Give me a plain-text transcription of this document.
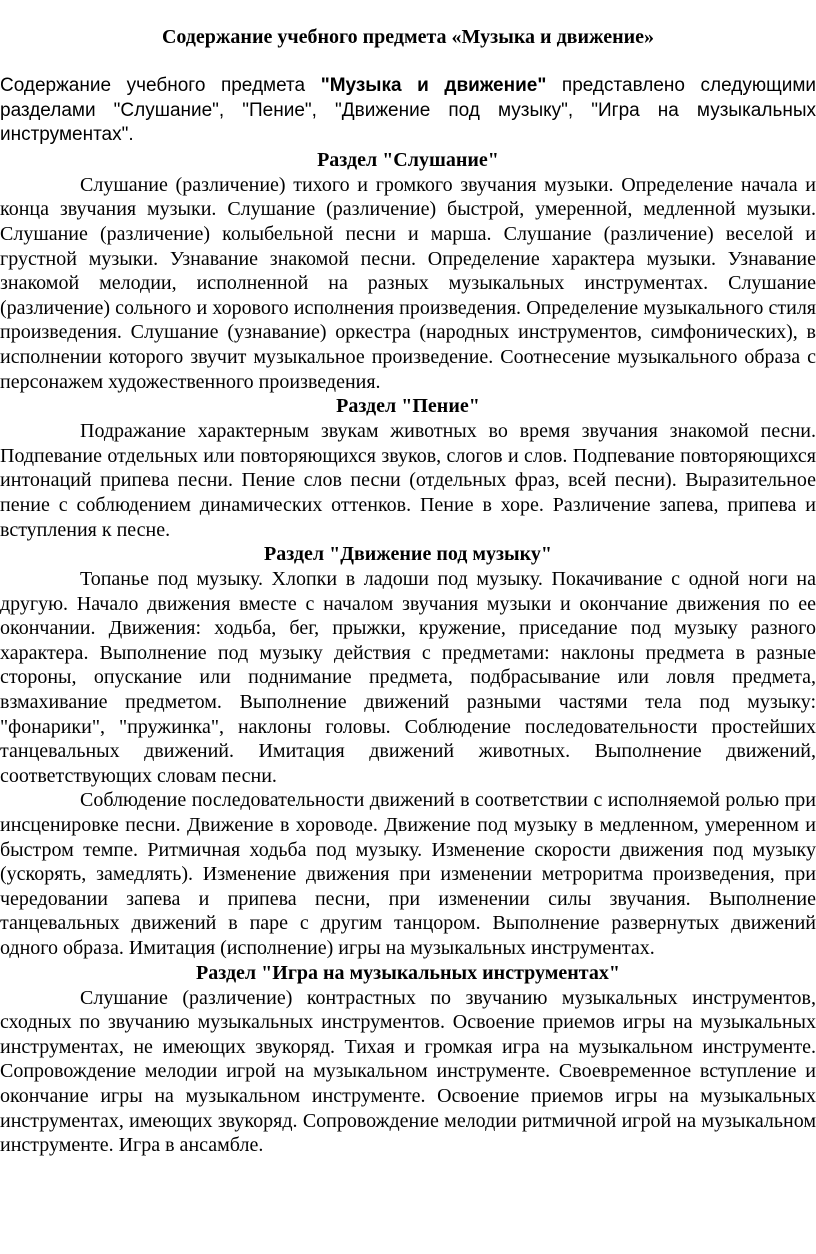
Содержание учебного предмета «Музыка и движение»

Содержание учебного предмета "Музыка и движение" представлено следующими разделами "Слушание", "Пение", "Движение под музыку", "Игра на музыкальных инструментах".

Раздел "Слушание"

Слушание (различение) тихого и громкого звучания музыки. Определение начала и конца звучания музыки. Слушание (различение) быстрой, умеренной, медленной музыки. Слушание (различение) колыбельной песни и марша. Слушание (различение) веселой и грустной музыки. Узнавание знакомой песни. Определение характера музыки. Узнавание знакомой мелодии, исполненной на разных музыкальных инструментах. Слушание (различение) сольного и хорового исполнения произведения. Определение музыкального стиля произведения. Слушание (узнавание) оркестра (народных инструментов, симфонических), в исполнении которого звучит музыкальное произведение. Соотнесение музыкального образа с персонажем художественного произведения.

Раздел "Пение"

Подражание характерным звукам животных во время звучания знакомой песни. Подпевание отдельных или повторяющихся звуков, слогов и слов. Подпевание повторяющихся интонаций припева песни. Пение слов песни (отдельных фраз, всей песни). Выразительное пение с соблюдением динамических оттенков. Пение в хоре. Различение запева, припева и вступления к песне.

Раздел "Движение под музыку"

Топанье под музыку. Хлопки в ладоши под музыку. Покачивание с одной ноги на другую. Начало движения вместе с началом звучания музыки и окончание движения по ее окончании. Движения: ходьба, бег, прыжки, кружение, приседание под музыку разного характера. Выполнение под музыку действия с предметами: наклоны предмета в разные стороны, опускание или поднимание предмета, подбрасывание или ловля предмета, взмахивание предметом. Выполнение движений разными частями тела под музыку: "фонарики", "пружинка", наклоны головы. Соблюдение последовательности простейших танцевальных движений. Имитация движений животных. Выполнение движений, соответствующих словам песни.

Соблюдение последовательности движений в соответствии с исполняемой ролью при инсценировке песни. Движение в хороводе. Движение под музыку в медленном, умеренном и быстром темпе. Ритмичная ходьба под музыку. Изменение скорости движения под музыку (ускорять, замедлять). Изменение движения при изменении метроритма произведения, при чередовании запева и припева песни, при изменении силы звучания. Выполнение танцевальных движений в паре с другим танцором. Выполнение развернутых движений одного образа. Имитация (исполнение) игры на музыкальных инструментах.

Раздел "Игра на музыкальных инструментах"

Слушание (различение) контрастных по звучанию музыкальных инструментов, сходных по звучанию музыкальных инструментов. Освоение приемов игры на музыкальных инструментах, не имеющих звукоряд. Тихая и громкая игра на музыкальном инструменте. Сопровождение мелодии игрой на музыкальном инструменте. Своевременное вступление и окончание игры на музыкальном инструменте. Освоение приемов игры на музыкальных инструментах, имеющих звукоряд. Сопровождение мелодии ритмичной игрой на музыкальном инструменте. Игра в ансамбле.
